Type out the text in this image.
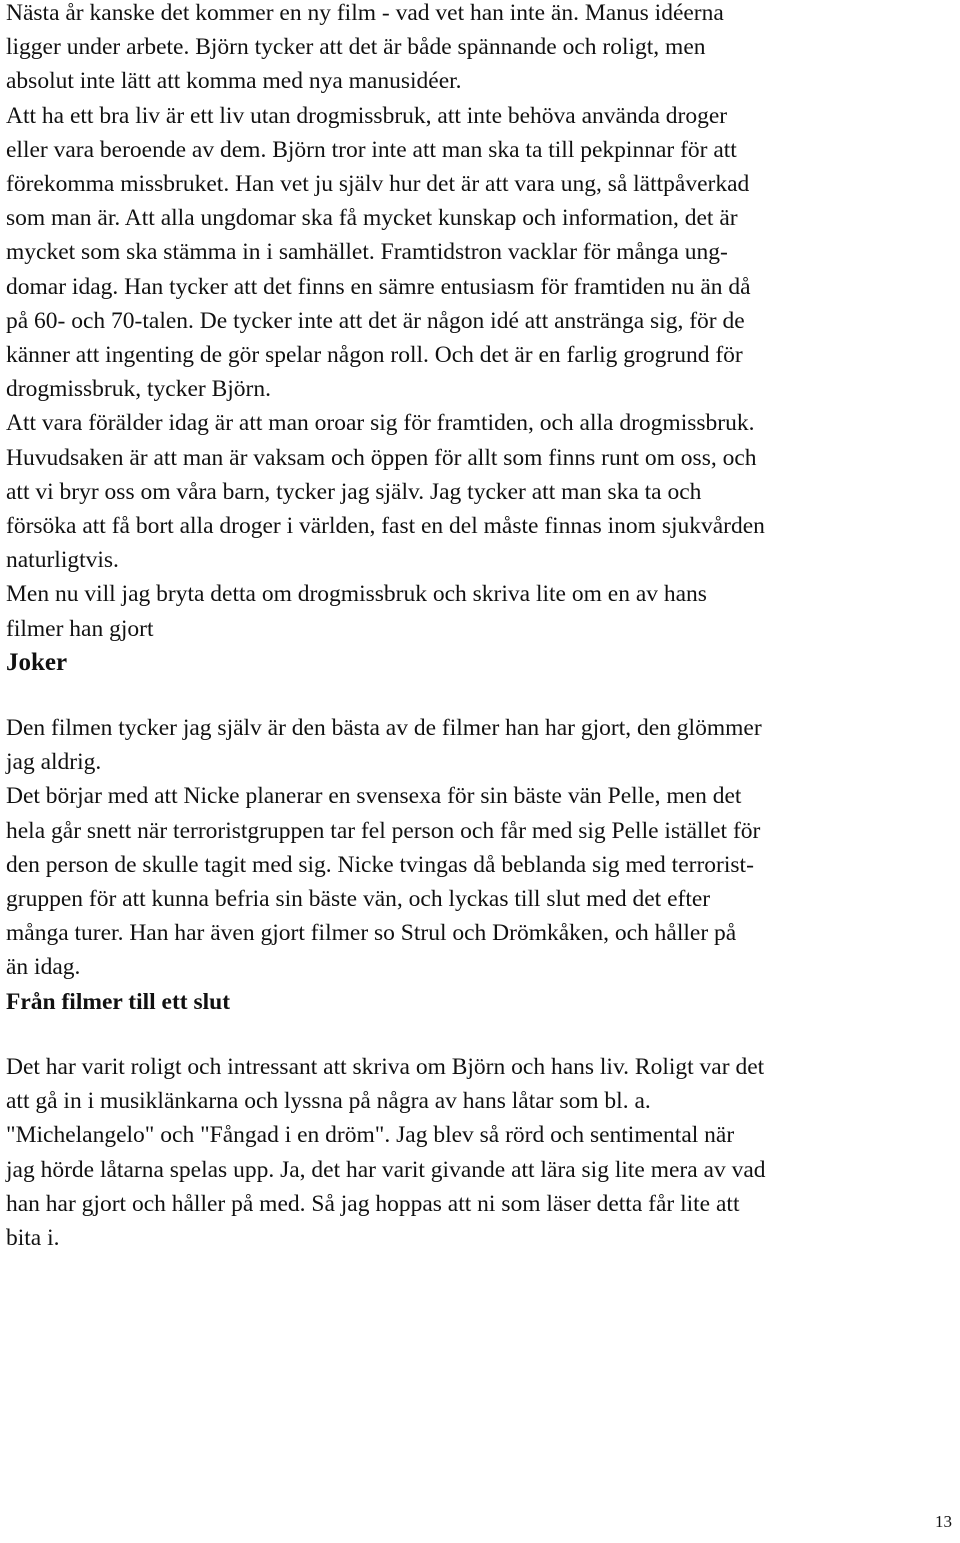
Nästa år kanske det kommer en ny film - vad vet han inte än. Manus idéerna
ligger under arbete. Björn tycker att det är både spännande och roligt, men
absolut inte lätt att komma med nya manusidéer.

Att ha ett bra liv är ett liv utan drogmissbruk, att inte behöva använda droger
eller vara beroende av dem. Björn tror inte att man ska ta till pekpinnar för att
förekomma missbruket. Han vet ju själv hur det är att vara ung, så lättpåverkad
som man är. Att alla ungdomar ska få mycket kunskap och information, det är
mycket som ska stämma in i samhället. Framtidstron vacklar för många ung-
domar idag. Han tycker att det finns en sämre entusiasm för framtiden nu än då
på 60- och 70-talen. De tycker inte att det är någon idé att anstränga sig, för de
känner att ingenting de gör spelar någon roll. Och det är en farlig grogrund för
drogmissbruk, tycker Björn.

Att vara förälder idag är att man oroar sig för framtiden, och alla drogmissbruk.
Huvudsaken är att man är vaksam och öppen för allt som finns runt om oss, och
att vi bryr oss om våra barn, tycker jag själv. Jag tycker att man ska ta och
försöka att få bort alla droger i världen, fast en del måste finnas inom sjukvården
naturligtvis.

Men nu vill jag bryta detta om drogmissbruk och skriva lite om en av hans
filmer han gjort

Joker

Den filmen tycker jag själv är den bästa av de filmer han har gjort, den glömmer
jag aldrig.

Det börjar med att Nicke planerar en svensexa för sin bäste vän Pelle, men det
hela går snett när terroristgruppen tar fel person och får med sig Pelle istället för
den person de skulle tagit med sig. Nicke tvingas då beblanda sig med terrorist-
gruppen för att kunna befria sin bäste vän, och lyckas till slut med det efter
många turer. Han har även gjort filmer so Strul och Drömkåken, och håller på
än idag.

Från filmer till ett slut

Det har varit roligt och intressant att skriva om Björn och hans liv. Roligt var det
att gå in i musiklänkarna och lyssna på några av hans låtar som bl. a.
"Michelangelo" och "Fångad i en dröm". Jag blev så rörd och sentimental när
jag hörde låtarna spelas upp. Ja, det har varit givande att lära sig lite mera av vad
han har gjort och håller på med. Så jag hoppas att ni som läser detta får lite att
bita i.

13
